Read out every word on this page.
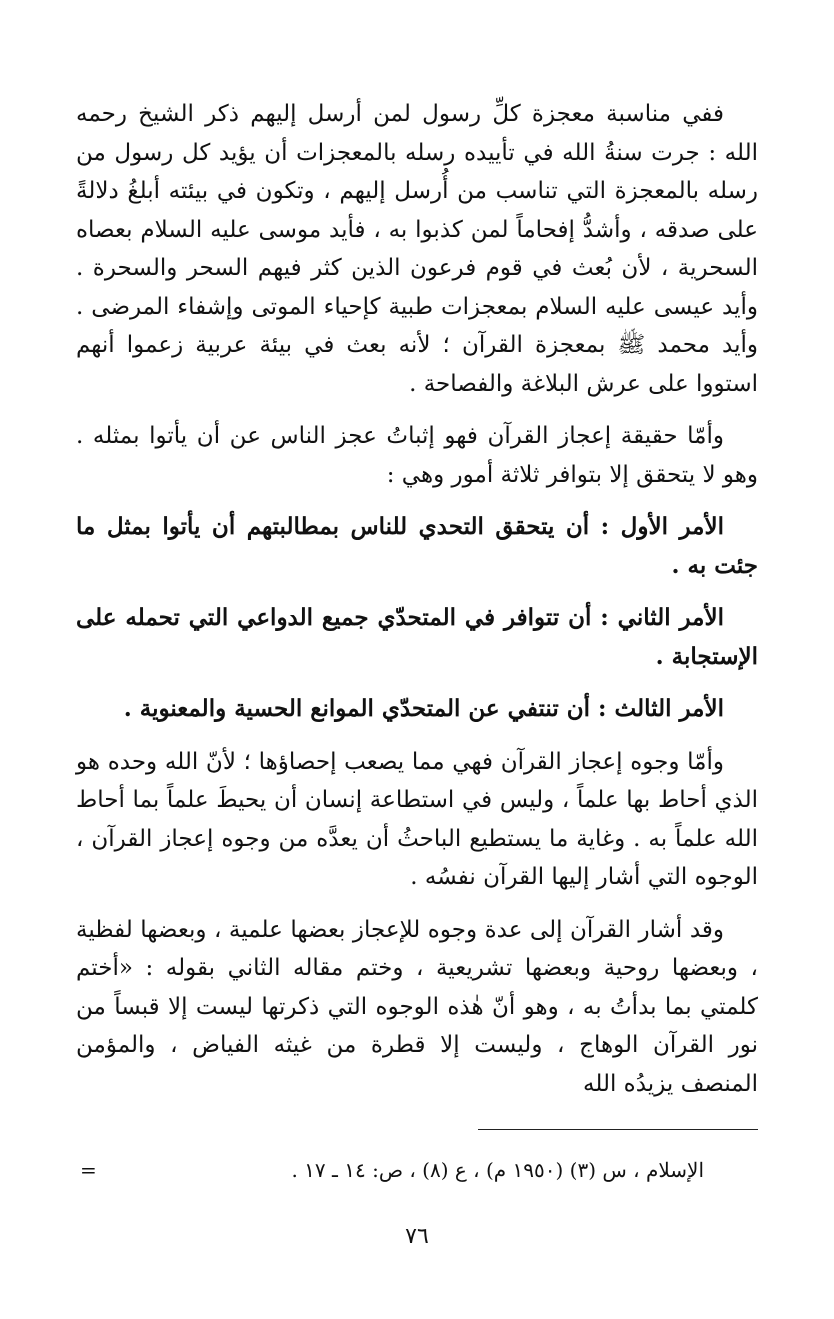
ففي مناسبة معجزة كلِّ رسول لمن أرسل إليهم ذكر الشيخ رحمه الله : جرت سنةُ الله في تأييده رسله بالمعجزات أن يؤيد كل رسول من رسله بالمعجزة التي تناسب من أُرسل إليهم ، وتكون في بيئته أبلغُ دلالةً على صدقه ، وأشدُّ إفحاماً لمن كذبوا به ، فأيد موسى عليه السلام بعصاه السحرية ، لأن بُعث في قوم فرعون الذين كثر فيهم السحر والسحرة . وأيد عيسى عليه السلام بمعجزات طبية كإحياء الموتى وإشفاء المرضى . وأيد محمد ﷺ بمعجزة القرآن ؛ لأنه بعث في بيئة عربية زعموا أنهم استووا على عرش البلاغة والفصاحة .

وأمّا حقيقة إعجاز القرآن فهو إثباتُ عجز الناس عن أن يأتوا بمثله . وهو لا يتحقق إلا بتوافر ثلاثة أمور وهي :

الأمر الأول : أن يتحقق التحدي للناس بمطالبتهم أن يأتوا بمثل ما جئت به .

الأمر الثاني : أن تتوافر في المتحدّي جميع الدواعي التي تحمله على الإستجابة .

الأمر الثالث : أن تنتفي عن المتحدّي الموانع الحسية والمعنوية .

وأمّا وجوه إعجاز القرآن فهي مما يصعب إحصاؤها ؛ لأنّ الله وحده هو الذي أحاط بها علماً ، وليس في استطاعة إنسان أن يحيطَ علماً بما أحاط الله علماً به . وغاية ما يستطيع الباحثُ أن يعدَّه من وجوه إعجاز القرآن ، الوجوه التي أشار إليها القرآن نفسُه .

وقد أشار القرآن إلى عدة وجوه للإعجاز بعضها علمية ، وبعضها لفظية ، وبعضها روحية وبعضها تشريعية ، وختم مقاله الثاني بقوله : «أختم كلمتي بما بدأتُ به ، وهو أنّ هٰذه الوجوه التي ذكرتها ليست إلا قبساً من نور القرآن الوهاج ، وليست إلا قطرة من غيثه الفياض ، والمؤمن المنصف يزيدُه الله

الإسلام ، س (٣) (١٩٥٠ م) ، ع (٨) ، ص: ١٤ ـ ١٧ .
=
٧٦
